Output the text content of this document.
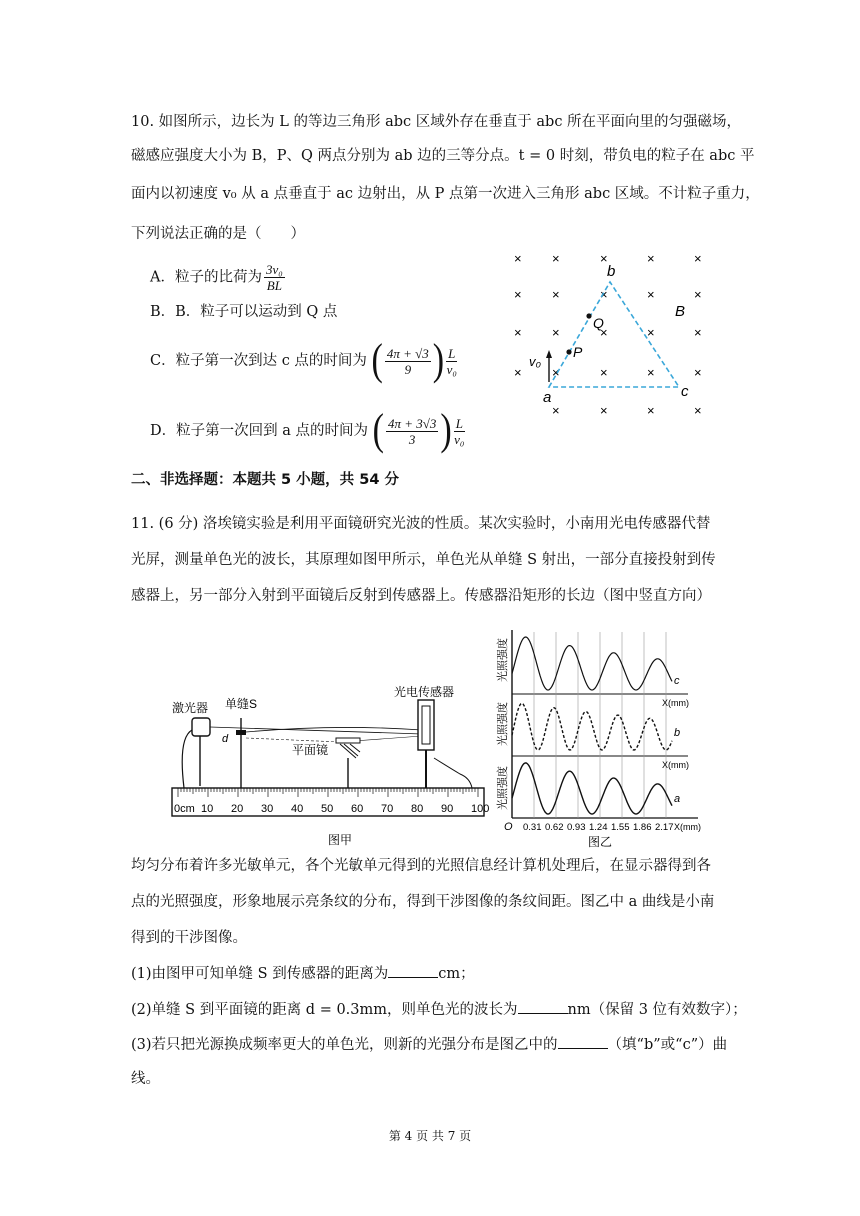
10. 如图所示，边长为 L 的等边三角形 abc 区域外存在垂直于 abc 所在平面向里的匀强磁场，
磁感应强度大小为 B，P、Q 两点分别为 ab 边的三等分点。t = 0 时刻，带负电的粒子在 abc 平
面内以初速度 v₀ 从 a 点垂直于 ac 边射出，从 P 点第一次进入三角形 abc 区域。不计粒子重力，
下列说法正确的是（　　）
A．粒子的比荷为 $\frac{\text{3v₀}}{BL}$
B．B．粒子可以运动到 Q 点
C．粒子第一次到达 c 点的时间为 ( $\frac{4\pi + √3}{9}$ ) $\frac{L}{\text{v₀}}$
D．粒子第一次回到 a 点的时间为 ( $\frac{4\pi + 3√3}{3}$ ) $\frac{L}{\text{v₀}}$
× ×	×	×	×
× ×	×	×	×
× ×	×	×	×
× ×	×	×	×
×	×	×	×
v₀
a
b
c
P
Q
B
二、非选择题：本题共 5 小题，共 54 分
11. (6 分) 洛埃镜实验是利用平面镜研究光波的性质。某次实验时，小南用光电传感器代替
光屏，测量单色光的波长，其原理如图甲所示，单色光从单缝 S 射出，一部分直接投射到传
感器上，另一部分入射到平面镜后反射到传感器上。传感器沿矩形的长边（图中竖直方向）
激光器 单缝S
光电传感器
平面镜
d
0cm 10 20 30 40 50 60 70 80 90 100
图甲
光照强度
光照强度
光照强度
c
b
a
X(mm)
X(mm)
O 0.31 0.62 0.93 1.24 1.55 1.86 2.17 X(mm)
图乙
均匀分布着许多光敏单元，各个光敏单元得到的光照信息经计算机处理后，在显示器得到各
点的光照强度，形象地展示亮条纹的分布，得到干涉图像的条纹间距。图乙中 a 曲线是小南
得到的干涉图像。
(1)由图甲可知单缝 S 到传感器的距离为	cm；
(2)单缝 S 到平面镜的距离 d = 0.3mm，则单色光的波长为	nm（保留 3 位有效数字）；
(3)若只把光源换成频率更大的单色光，则新的光强分布是图乙中的	（填“b”或“c”）曲
线。
第 4 页 共 7 页
